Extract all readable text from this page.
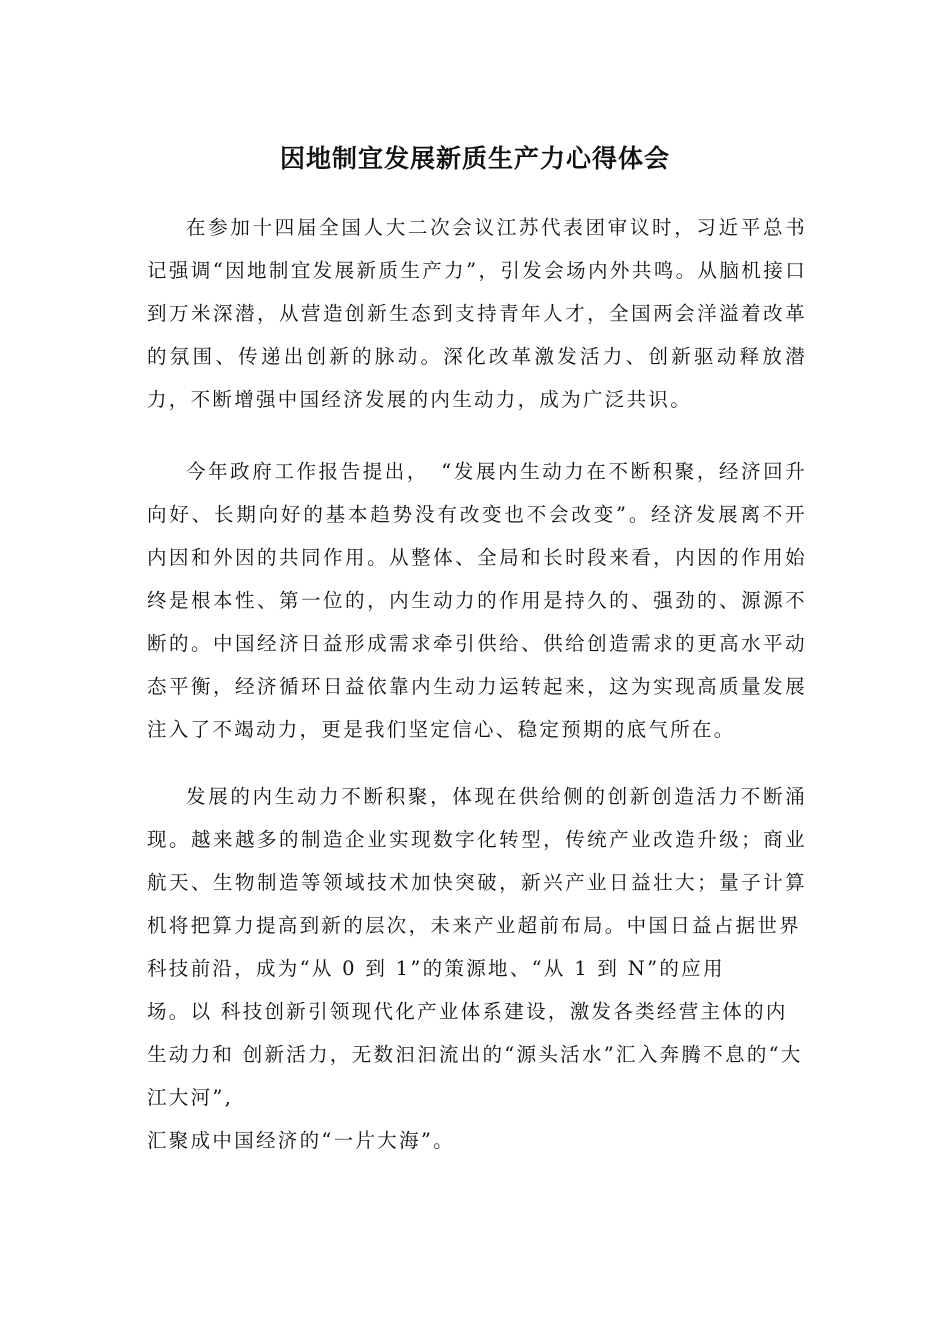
因地制宜发展新质生产力心得体会

在参加十四届全国人大二次会议江苏代表团审议时，习近平总书记强调“因地制宜发展新质生产力”，引发会场内外共鸣。从脑机接口到万米深潜，从营造创新生态到支持青年人才，全国两会洋溢着改革的氛围、传递出创新的脉动。深化改革激发活力、创新驱动释放潜力，不断增强中国经济发展的内生动力，成为广泛共识。

今年政府工作报告提出，　“发展内生动力在不断积聚，经济回升向好、长期向好的基本趋势没有改变也不会改变”。经济发展离不开内因和外因的共同作用。从整体、全局和长时段来看，内因的作用始终是根本性、第一位的，内生动力的作用是持久的、强劲的、源源不断的。中国经济日益形成需求牵引供给、供给创造需求的更高水平动态平衡，经济循环日益依靠内生动力运转起来，这为实现高质量发展注入了不竭动力，更是我们坚定信心、稳定预期的底气所在。

发展的内生动力不断积聚，体现在供给侧的创新创造活力不断涌现。越来越多的制造企业实现数字化转型，传统产业改造升级；商业航天、生物制造等领域技术加快突破，新兴产业日益壮大；量子计算机将把算力提高到新的层次，未来产业超前布局。中国日益占据世界

科技前沿，成为“从 0 到 1”的策源地、“从 1 到 N”的应用

场。以 科技创新引领现代化产业体系建设，激发各类经营主体的内

生动力和 创新活力，无数汩汩流出的“源头活水”汇入奔腾不息的“大

江大河”,

汇聚成中国经济的“一片大海”。
